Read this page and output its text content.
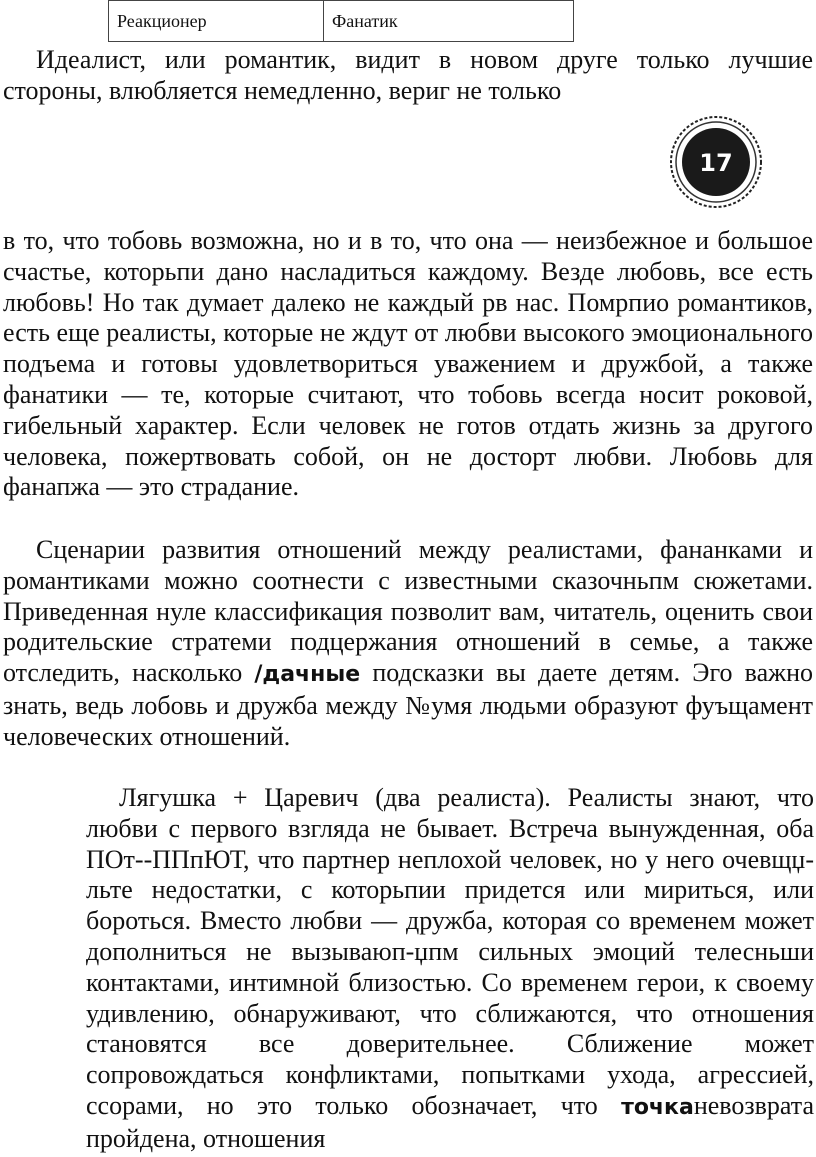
Реакционер	Фанатик

Идеалист, или романтик, видит в новом друге только лучшие стороны, влюбляется немедленно, вериг не только

17

в то, что тобовь возможна, но и в то, что она — неизбежное и большое счастье, которьпи дано насладиться каждому. Везде любовь, все есть любовь! Но так думает далеко не каждый рв нас. Помрпио романтиков, есть еще реалисты, которые не ждут от любви высокого эмоционального подъема и готовы удовлетвориться уважением и дружбой, а также фанатики — те, которые считают, что тобовь всегда носит роковой, гибельный характер. Если человек не готов отдать жизнь за другого человека, пожертвовать собой, он не досторт любви. Любовь для фанапжа — это страдание.

Сценарии развития отношений между реалистами, фананками и романтиками можно соотнести с известными сказочньпм сюжетами. Приведенная нуле классификация позволит вам, читатель, оценить свои родительские стратеми подцержания отношений в семье, а также отследить, насколько /дачные подсказки вы даете детям. Эго важно знать, ведь лобовь и дружба между №умя людьми образуют фуъщамент человеческих отношений.

Лягушка + Царевич (два реалиста). Реалисты знают, что любви с первого взгляда не бывает. Встреча вынужденная, оба ПОт--ППпЮТ, что партнер неплохой человек, но у него очевщџ-льте недостатки, с которьпии придется или мириться, или бороться. Вместо любви — дружба, которая со временем может дополниться не вызываюп-џпм сильных эмоций телесньши контактами, интимной близостью. Со временем герои, к своему удивлению, обнаруживают, что сближаются, что отношения становятся все доверительнее. Сближение может сопровождаться конфликтами, попытками ухода, агрессией, ссорами, но это только обозначает, что точканевозврата пройдена, отношения
